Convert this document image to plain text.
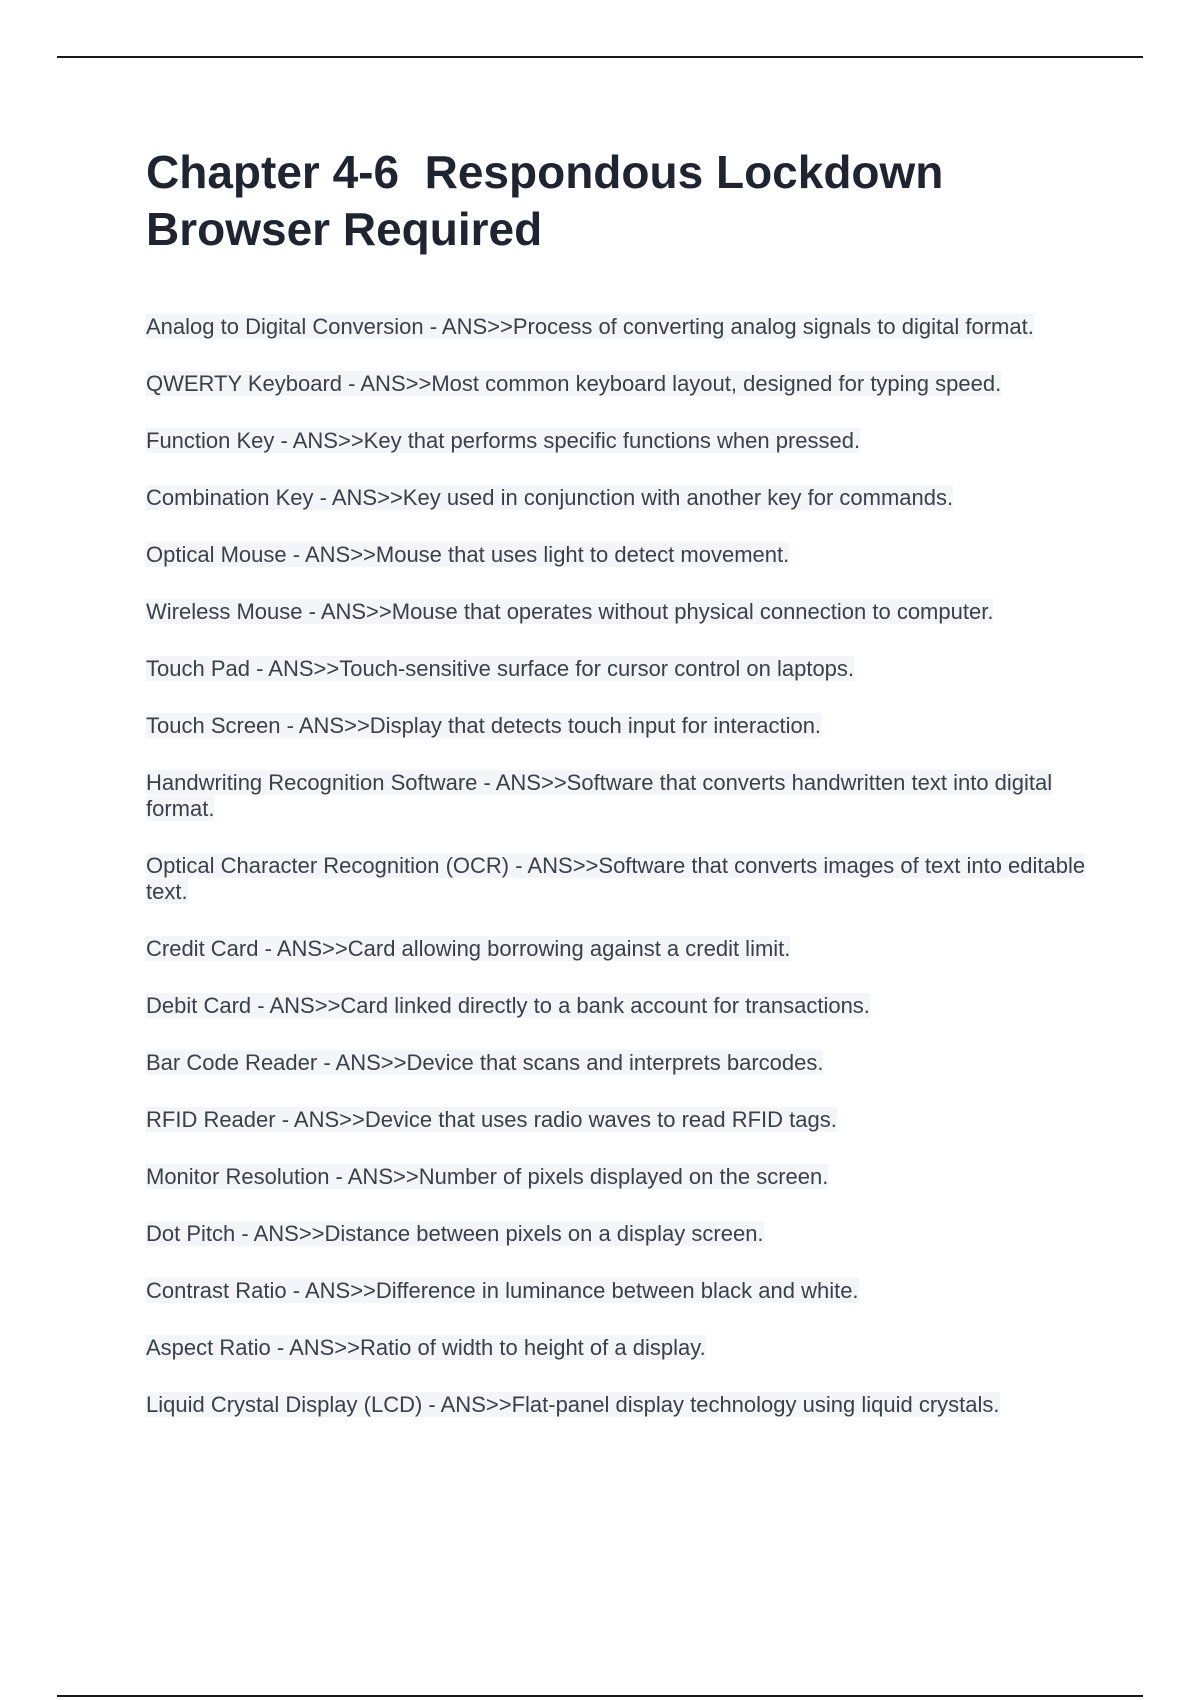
Chapter 4-6  Respondous Lockdown Browser Required
Analog to Digital Conversion - ANS>>Process of converting analog signals to digital format.
QWERTY Keyboard - ANS>>Most common keyboard layout, designed for typing speed.
Function Key - ANS>>Key that performs specific functions when pressed.
Combination Key - ANS>>Key used in conjunction with another key for commands.
Optical Mouse - ANS>>Mouse that uses light to detect movement.
Wireless Mouse - ANS>>Mouse that operates without physical connection to computer.
Touch Pad - ANS>>Touch-sensitive surface for cursor control on laptops.
Touch Screen - ANS>>Display that detects touch input for interaction.
Handwriting Recognition Software - ANS>>Software that converts handwritten text into digital format.
Optical Character Recognition (OCR) - ANS>>Software that converts images of text into editable text.
Credit Card - ANS>>Card allowing borrowing against a credit limit.
Debit Card - ANS>>Card linked directly to a bank account for transactions.
Bar Code Reader - ANS>>Device that scans and interprets barcodes.
RFID Reader - ANS>>Device that uses radio waves to read RFID tags.
Monitor Resolution - ANS>>Number of pixels displayed on the screen.
Dot Pitch - ANS>>Distance between pixels on a display screen.
Contrast Ratio - ANS>>Difference in luminance between black and white.
Aspect Ratio - ANS>>Ratio of width to height of a display.
Liquid Crystal Display (LCD) - ANS>>Flat-panel display technology using liquid crystals.
